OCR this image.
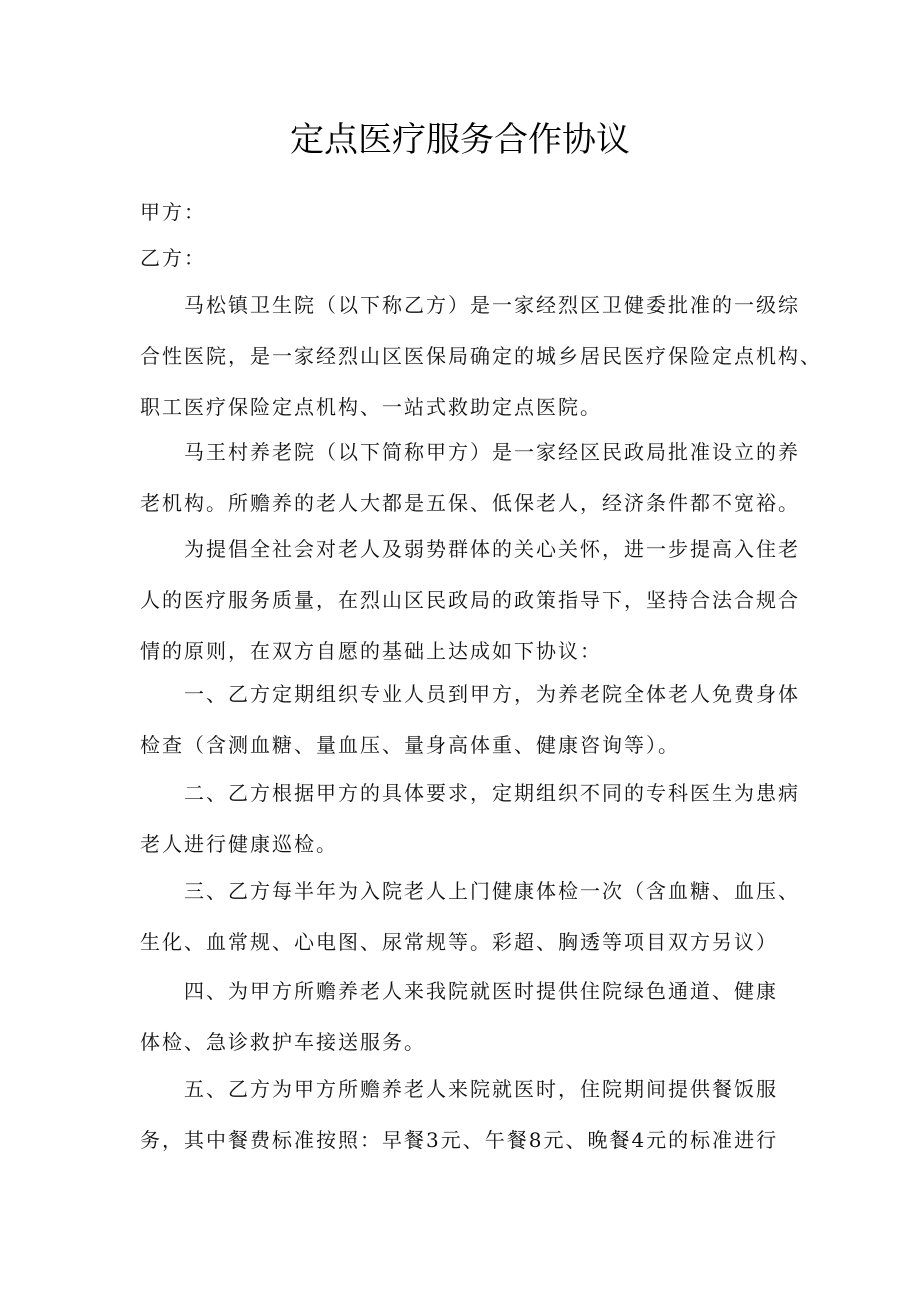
定点医疗服务合作协议
甲方：
乙方：

马松镇卫生院（以下称乙方）是一家经烈区卫健委批准的一级综

合性医院，是一家经烈山区医保局确定的城乡居民医疗保险定点机构、

职工医疗保险定点机构、一站式救助定点医院。

马王村养老院（以下简称甲方）是一家经区民政局批准设立的养

老机构。所赡养的老人大都是五保、低保老人，经济条件都不宽裕。

为提倡全社会对老人及弱势群体的关心关怀，进一步提高入住老

人的医疗服务质量，在烈山区民政局的政策指导下，坚持合法合规合

情的原则，在双方自愿的基础上达成如下协议：

一、乙方定期组织专业人员到甲方，为养老院全体老人免费身体

检查（含测血糖、量血压、量身高体重、健康咨询等）。

二、乙方根据甲方的具体要求，定期组织不同的专科医生为患病

老人进行健康巡检。

三、乙方每半年为入院老人上门健康体检一次（含血糖、血压、

生化、血常规、心电图、尿常规等。彩超、胸透等项目双方另议）

四、为甲方所赡养老人来我院就医时提供住院绿色通道、健康

体检、急诊救护车接送服务。

五、乙方为甲方所赡养老人来院就医时，住院期间提供餐饭服

务，其中餐费标准按照：早餐3元、午餐8元、晚餐4元的标准进行
